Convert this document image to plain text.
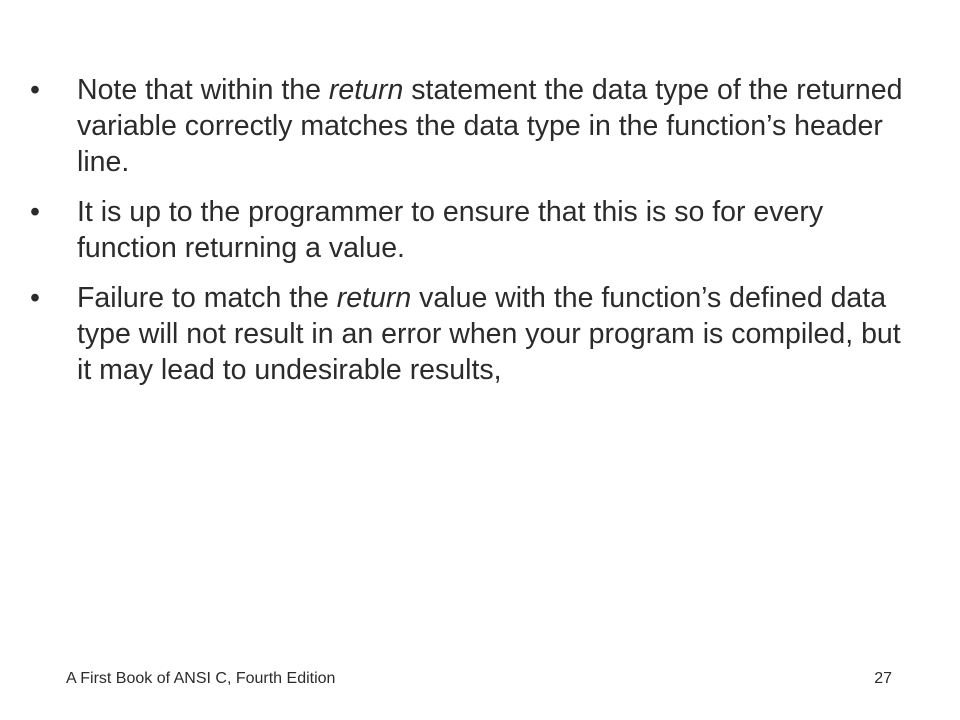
•	Note that within the return statement the data type of the returned variable correctly matches the data type in the function’s header line.
•	It is up to the programmer to ensure that this is so for every function returning a value.
•	Failure to match the return value with the function’s defined data type will not result in an error when your program is compiled, but it may lead to undesirable results,
A First Book of ANSI C, Fourth Edition	27
